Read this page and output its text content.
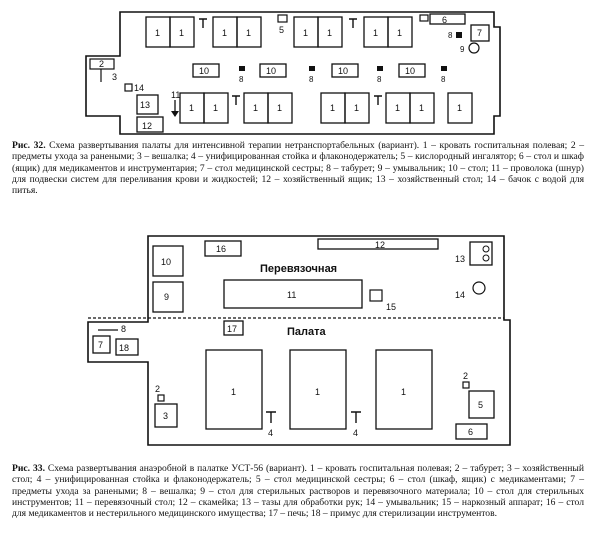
1 1	1 1	1 1	1 1
5
6
7
8
9
10	10	10	10
8	8	8	8
2
3
14
13
11
12
1 1	1 1	1 1	1 1	1
Рис. 32. Схема развертывания палаты для интенсивной терапии нетранспортабельных (вариант). 1 – кровать госпитальная полевая; 2 – предметы ухода за ранеными; 3 – вешалка; 4 – унифицированная стойка и флаконодержатель; 5 – кислородный ингалятор; 6 – стол и шкаф (ящик) для медикаментов и инструментария; 7 – стол медицинской сестры; 8 – табурет; 9 – умывальник; 10 – стол; 11 – проволока (шнур) для подвески систем для переливания крови и жидкостей; 12 – хозяйственный ящик; 13 – хозяйственный стол; 14 – бачок с водой для питья.
Перевязочная
Палата
16	12
13
14
10
9	11
15
17
8
7 18
1	1	1
2
2
3
5
6
4	4
Рис. 33. Схема развертывания анаэробной в палатке УСТ-56 (вариант). 1 – кровать госпитальная полевая; 2 – табурет; 3 – хозяйственный стол; 4 – унифицированная стойка и флаконодержатель; 5 – стол медицинской сестры; 6 – стол (шкаф, ящик) с медикаментами; 7 – предметы ухода за ранеными; 8 – вешалка; 9 – стол для стерильных растворов и перевязочного материала; 10 – стол для стерильных инструментов; 11 – перевязочный стол; 12 – скамейка; 13 – тазы для обработки рук; 14 – умывальник; 15 – наркозный аппарат; 16 – стол для медикаментов и нестерильного медицинского имущества; 17 – печь; 18 – примус для стерилизации инструментов.
